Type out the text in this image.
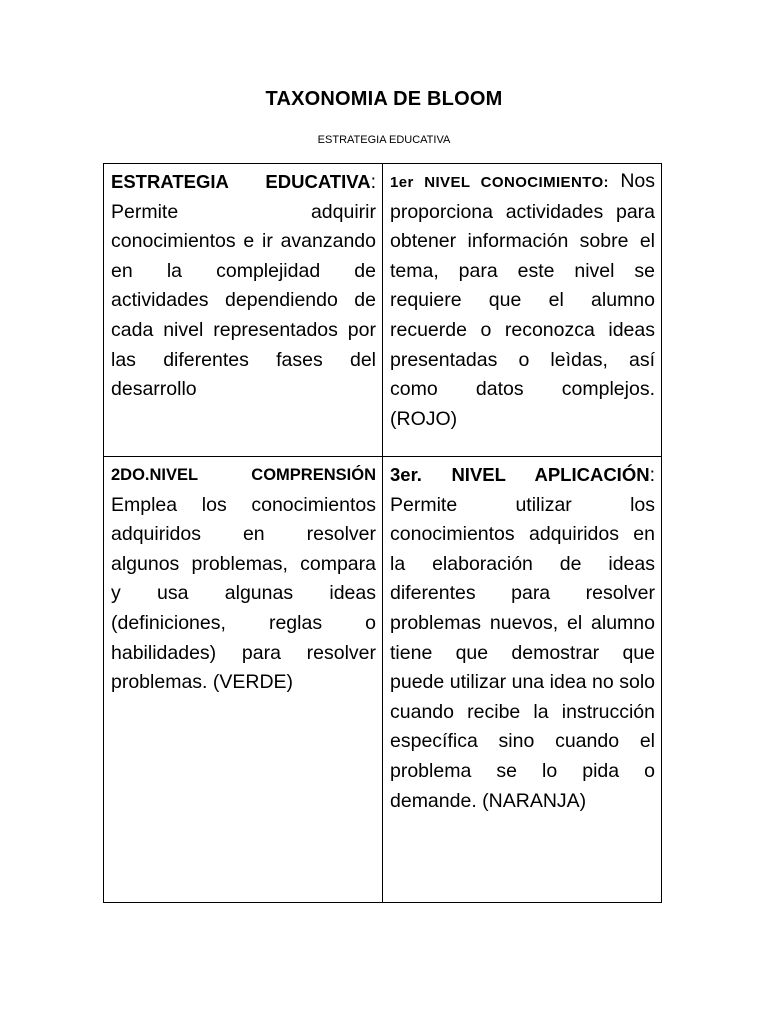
TAXONOMIA DE BLOOM
ESTRATEGIA EDUCATIVA
ESTRATEGIA EDUCATIVA: Permite adquirir conocimientos e ir avanzando en la complejidad de actividades dependiendo de cada nivel representados por las diferentes fases del desarrollo	1er NIVEL CONOCIMIENTO: Nos proporciona actividades para obtener información sobre el tema, para este nivel se requiere que el alumno recuerde o reconozca ideas presentadas o leìdas, así como datos complejos. (ROJO)
2DO.NIVEL COMPRENSIÓN Emplea los conocimientos adquiridos en resolver algunos problemas, compara y usa algunas ideas (definiciones, reglas o habilidades) para resolver problemas. (VERDE)	3er. NIVEL APLICACIÓN: Permite utilizar los conocimientos adquiridos en la elaboración de ideas diferentes para resolver problemas nuevos, el alumno tiene que demostrar que puede utilizar una idea no solo cuando recibe la instrucción específica sino cuando el problema se lo pida o demande. (NARANJA)
